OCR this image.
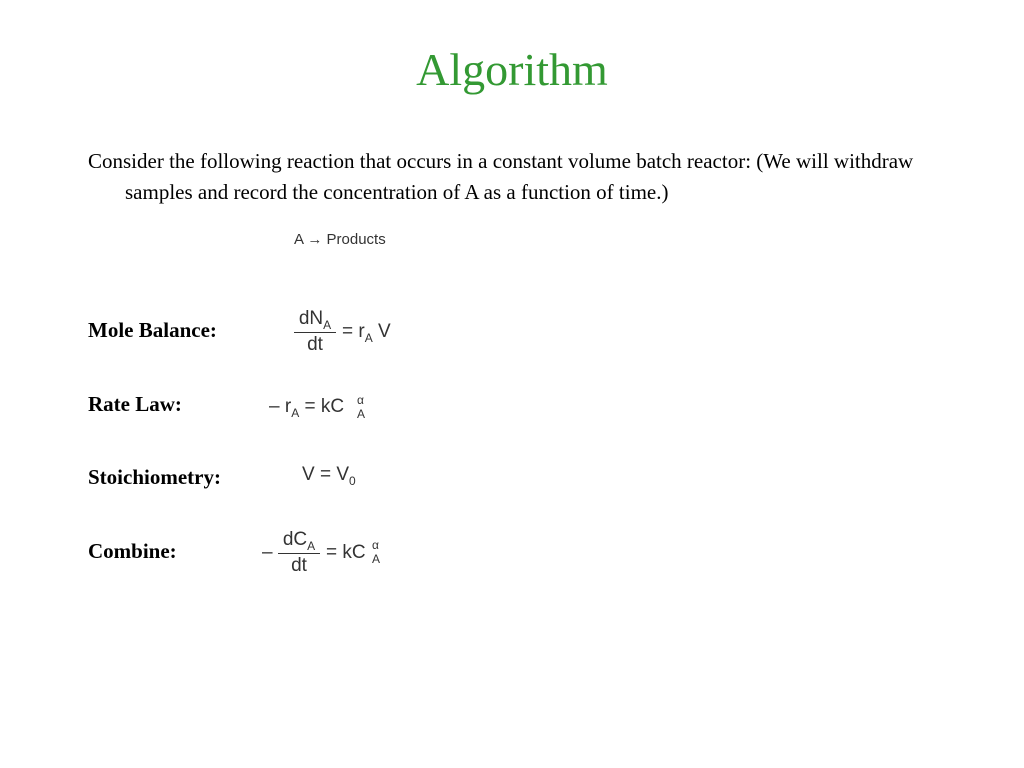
Algorithm
Consider the following reaction that occurs in a constant volume batch reactor: (We will withdraw samples and record the concentration of A as a function of time.)
A → Products
Mole Balance:	$dN_A$
dt
= $r_A$ V
Rate Law:	– $r_A$ = kC α
A
Stoichiometry:	$V = V_0$
Combine:	–
$dC_A$
dt
= kC α
A
